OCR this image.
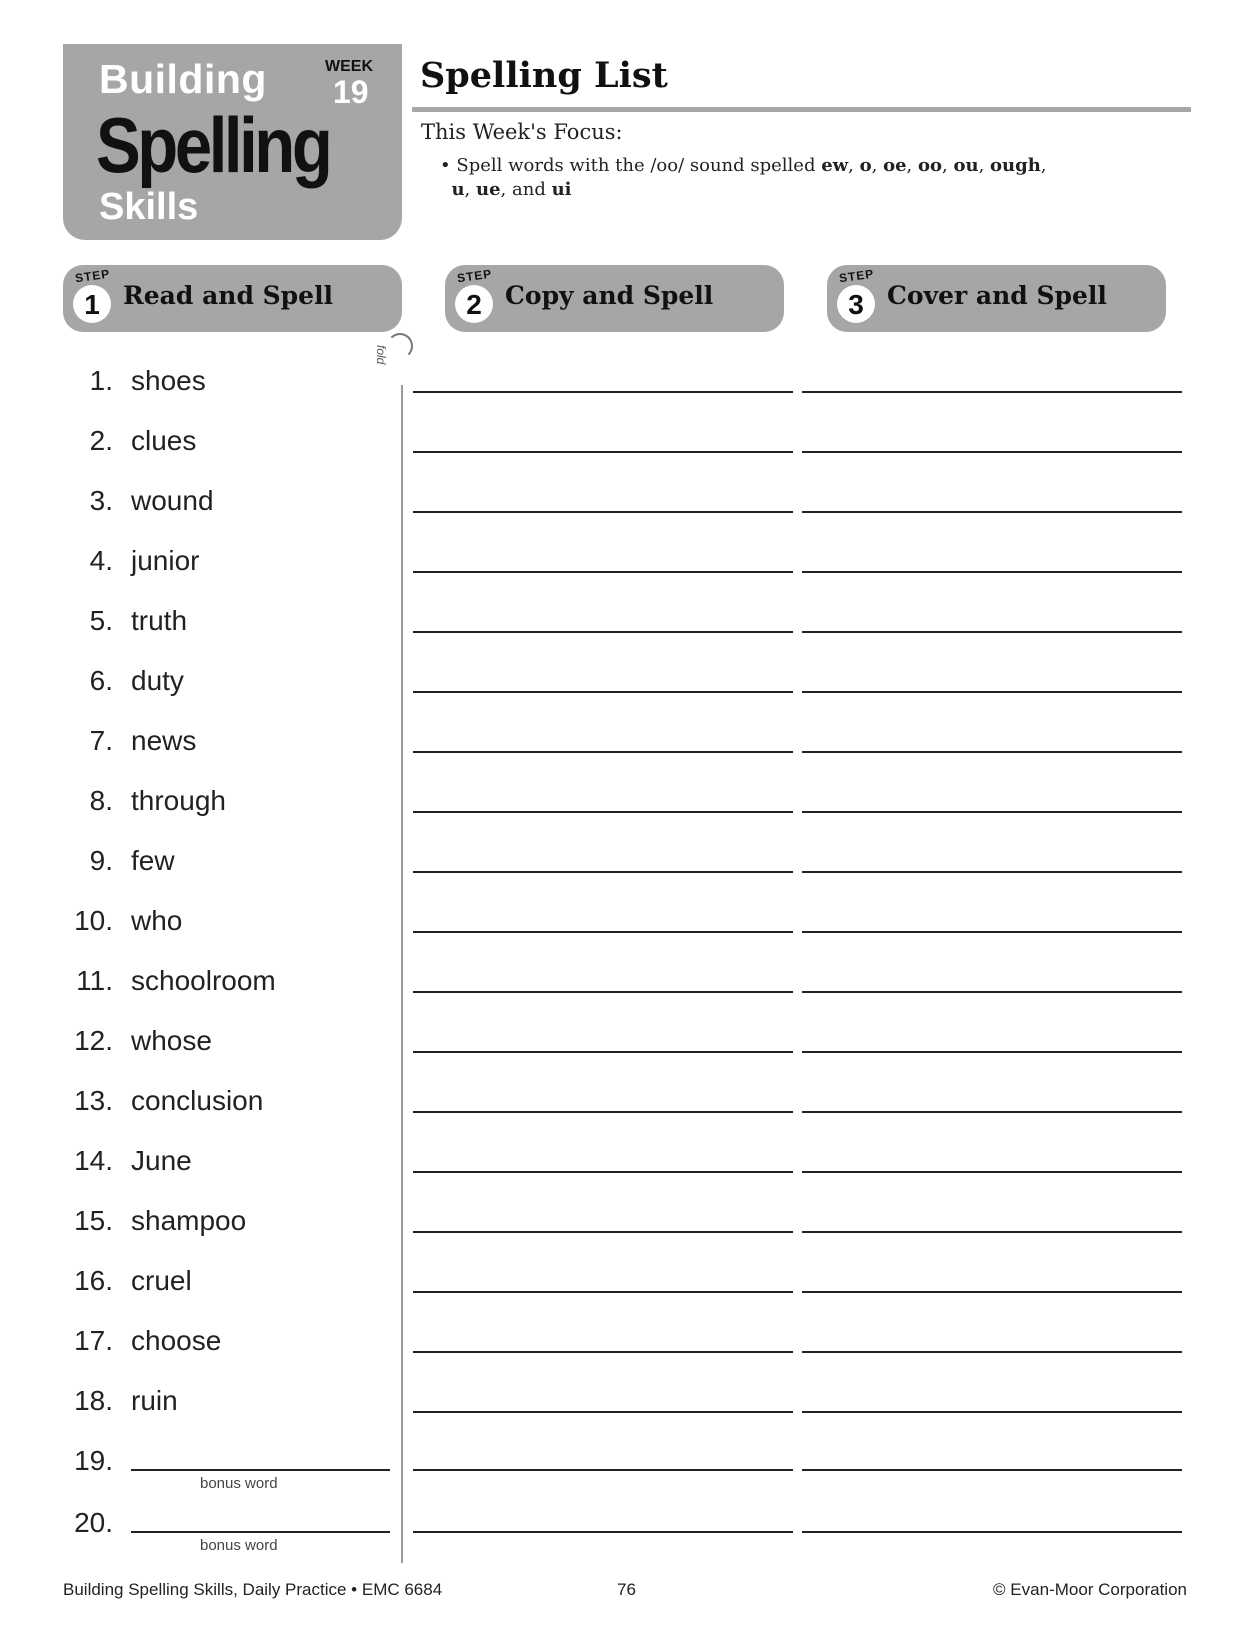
Building
Spelling
Skills
WEEK
19 Spelling List
This Week's Focus:
• Spell words with the /oo/ sound spelled ew, o, oe, oo, ou, ough,
u, ue, and ui
STEP
1 Read and Spell
STEP
2 Copy and Spell
STEP
3 Cover and Spell
fold
1. shoes
2. clues
3. wound
4. junior
5. truth
6. duty
7. news
8. through
9. few
10. who
11. schoolroom
12. whose
13. conclusion
14. June
15. shampoo
16. cruel
17. choose
18. ruin
19.
bonus word
20.
bonus word
Building Spelling Skills, Daily Practice • EMC 6684	76	© Evan-Moor Corporation
